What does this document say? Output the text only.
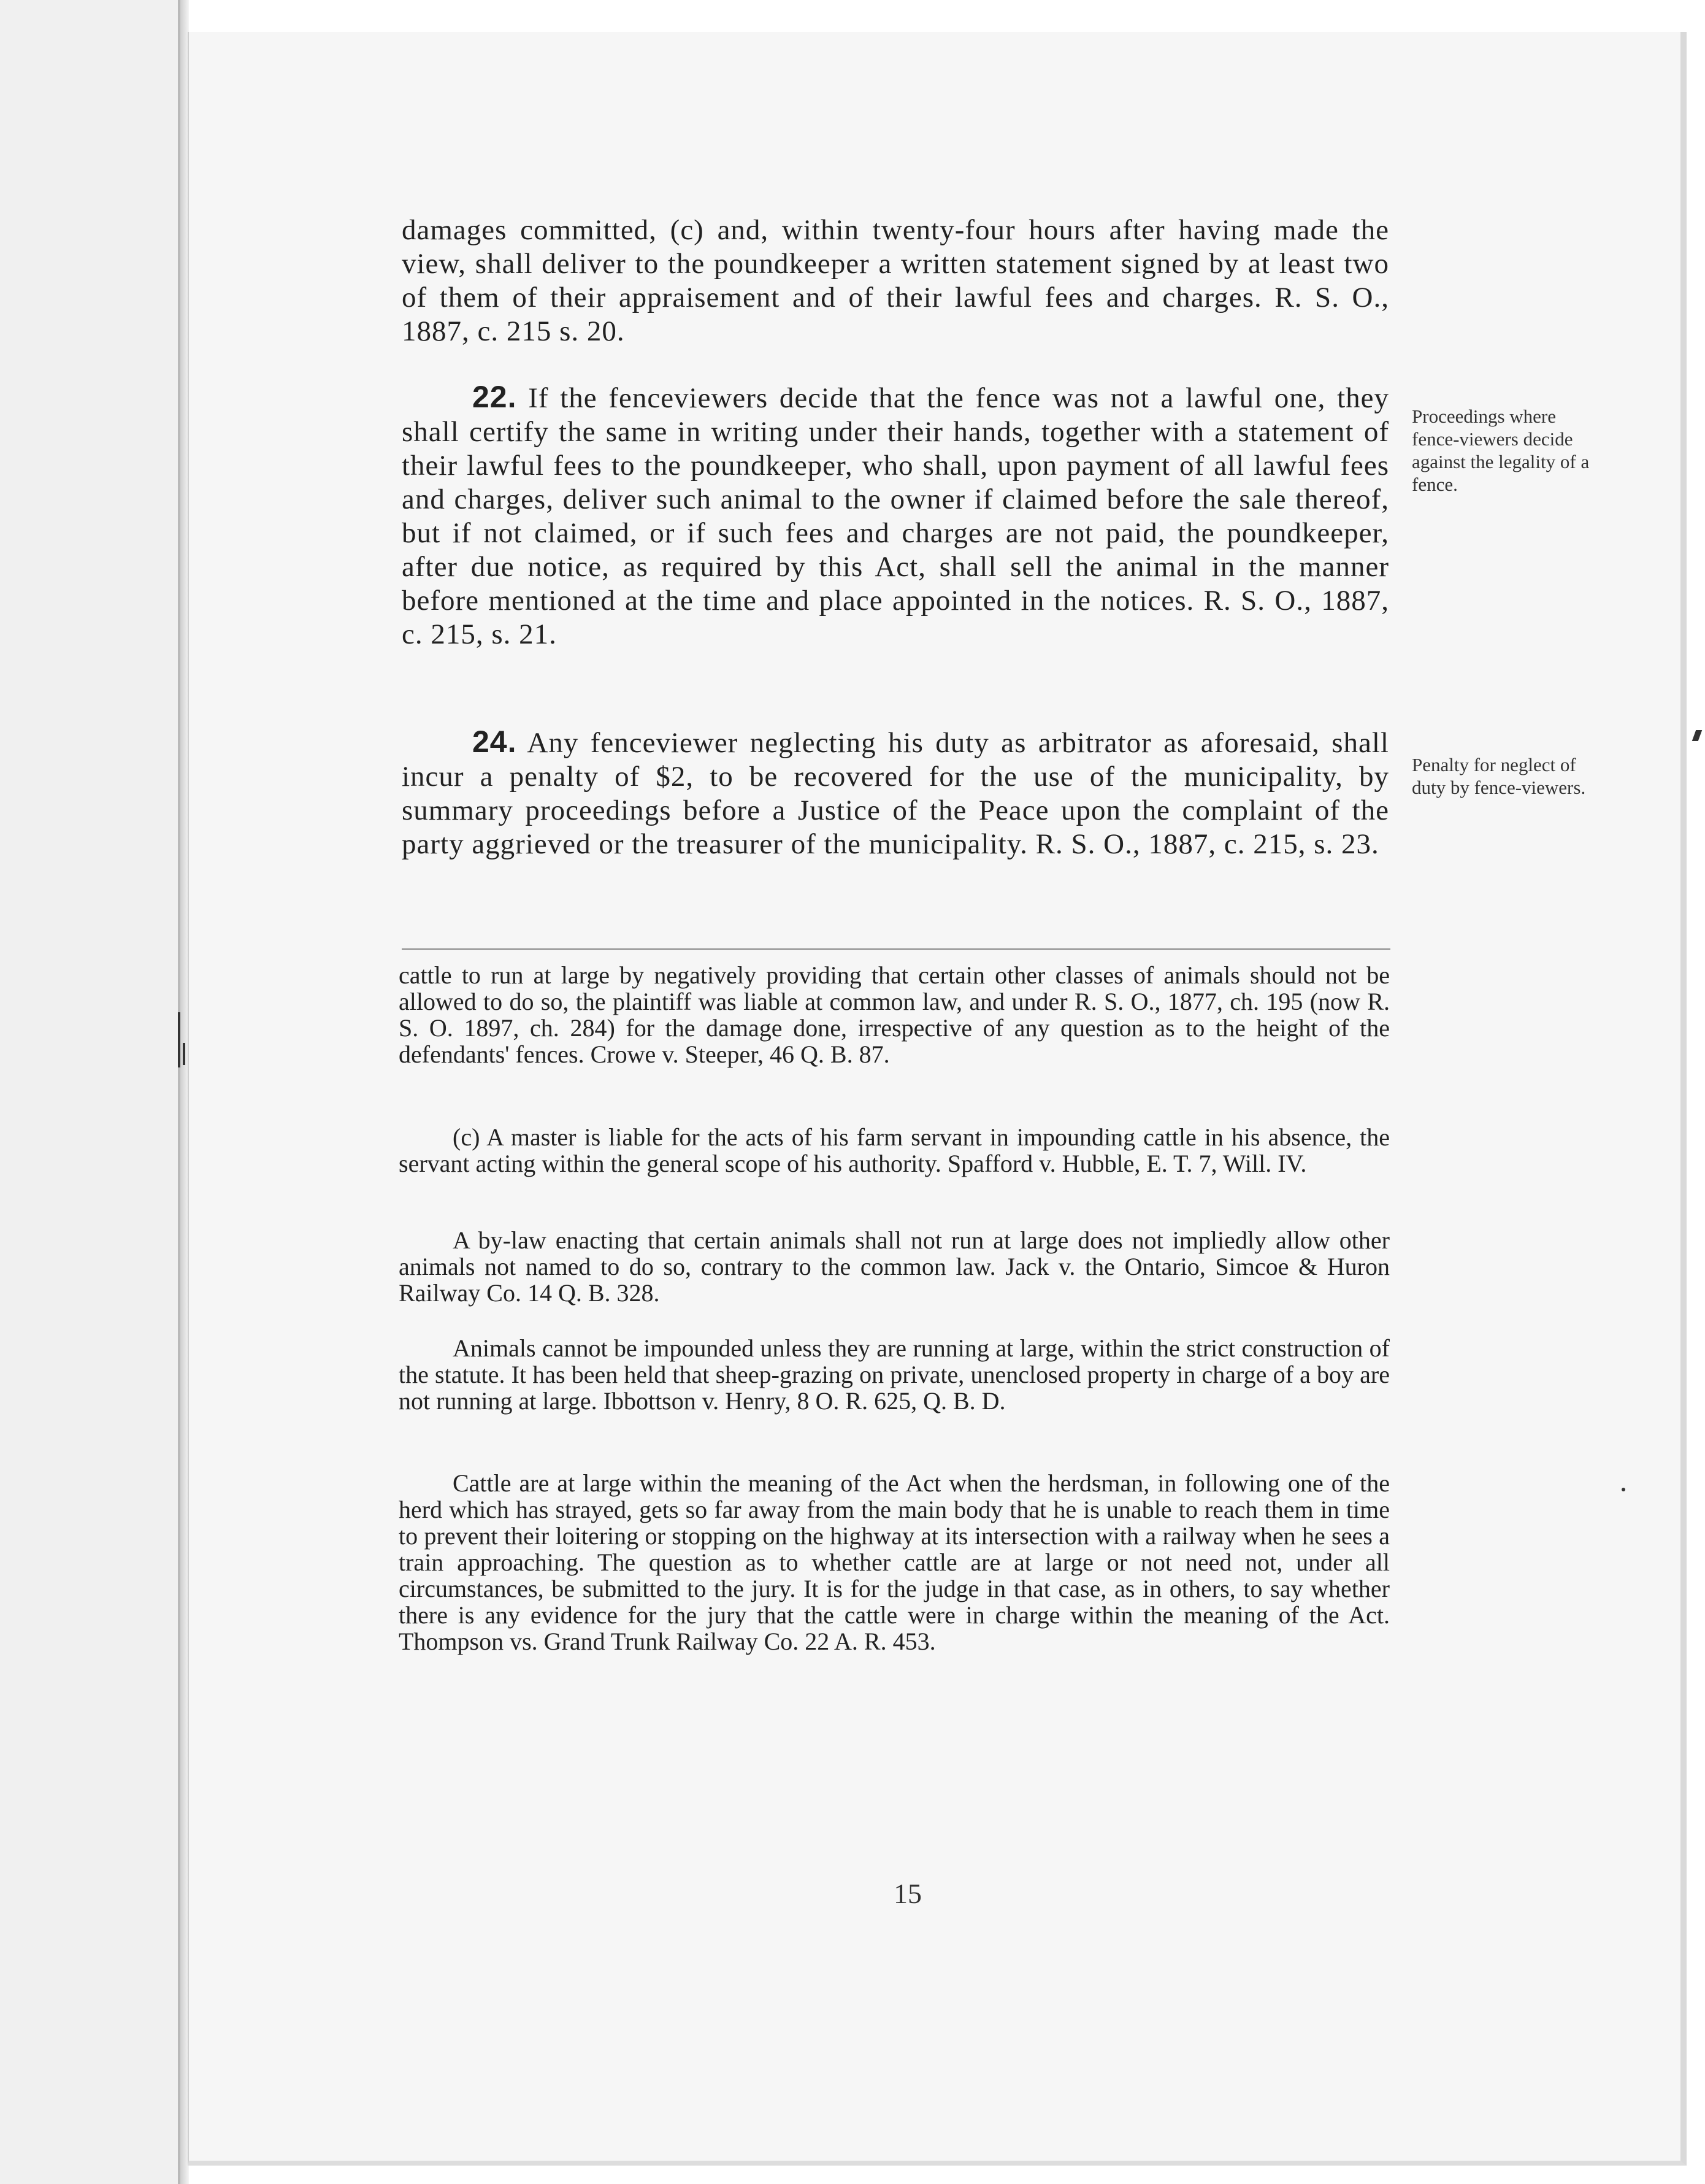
damages committed, (c) and, within twenty-four hours after having made the view, shall deliver to the poundkeeper a written statement signed by at least two of them of their appraisement and of their lawful fees and charges. R. S. O., 1887, c. 215 s. 20.

22. If the fenceviewers decide that the fence was not a lawful one, they shall certify the same in writing under their hands, together with a statement of their lawful fees to the poundkeeper, who shall, upon payment of all lawful fees and charges, deliver such animal to the owner if claimed before the sale thereof, but if not claimed, or if such fees and charges are not paid, the poundkeeper, after due notice, as required by this Act, shall sell the animal in the manner before mentioned at the time and place appointed in the notices. R. S. O., 1887, c. 215, s. 21.

Proceedings where fence-viewers decide against the legality of a fence.

24. Any fenceviewer neglecting his duty as arbitrator as aforesaid, shall incur a penalty of $2, to be recovered for the use of the municipality, by summary proceedings before a Justice of the Peace upon the complaint of the party aggrieved or the treasurer of the municipality. R. S. O., 1887, c. 215, s. 23.

Penalty for neglect of duty by fence-viewers.
cattle to run at large by negatively providing that certain other classes of animals should not be allowed to do so, the plaintiff was liable at common law, and under R. S. O., 1877, ch. 195 (now R. S. O. 1897, ch. 284) for the damage done, irrespective of any question as to the height of the defendants' fences. Crowe v. Steeper, 46 Q. B. 87.
(c) A master is liable for the acts of his farm servant in impounding cattle in his absence, the servant acting within the general scope of his authority. Spafford v. Hubble, E. T. 7, Will. IV.
A by-law enacting that certain animals shall not run at large does not impliedly allow other animals not named to do so, contrary to the common law. Jack v. the Ontario, Simcoe & Huron Railway Co. 14 Q. B. 328.
Animals cannot be impounded unless they are running at large, within the strict construction of the statute. It has been held that sheep-grazing on private, unenclosed property in charge of a boy are not running at large. Ibbottson v. Henry, 8 O. R. 625, Q. B. D.
Cattle are at large within the meaning of the Act when the herdsman, in following one of the herd which has strayed, gets so far away from the main body that he is unable to reach them in time to prevent their loitering or stopping on the highway at its intersection with a railway when he sees a train approaching. The question as to whether cattle are at large or not need not, under all circumstances, be submitted to the jury. It is for the judge in that case, as in others, to say whether there is any evidence for the jury that the cattle were in charge within the meaning of the Act. Thompson vs. Grand Trunk Railway Co. 22 A. R. 453.
15
